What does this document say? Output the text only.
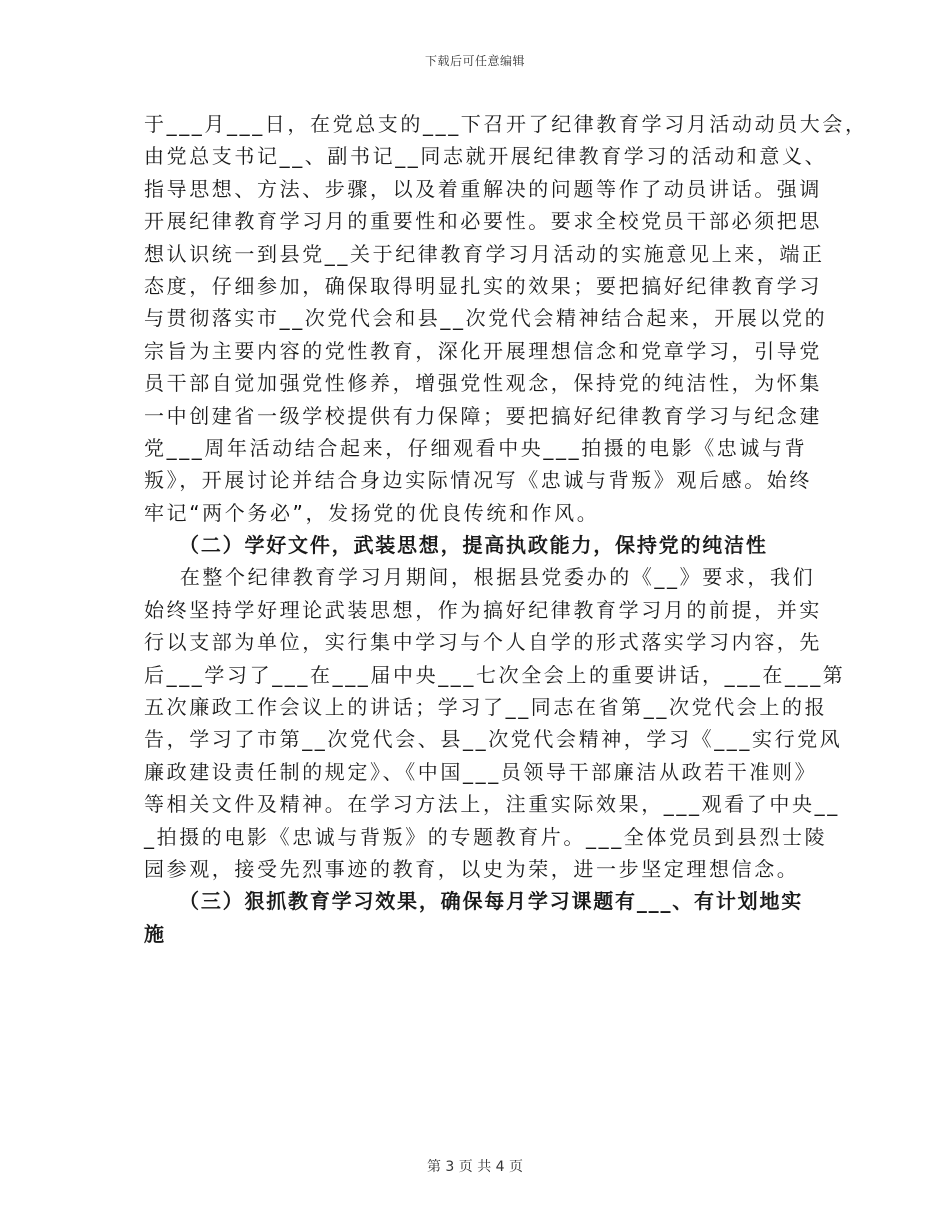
下载后可任意编辑
于___月___日，在党总支的___下召开了纪律教育学习月活动动员大会，
由党总支书记__、副书记__同志就开展纪律教育学习的活动和意义、
指导思想、方法、步骤，以及着重解决的问题等作了动员讲话。强调
开展纪律教育学习月的重要性和必要性。要求全校党员干部必须把思
想认识统一到县党__关于纪律教育学习月活动的实施意见上来，端正
态度，仔细参加，确保取得明显扎实的效果；要把搞好纪律教育学习
与贯彻落实市__次党代会和县__次党代会精神结合起来，开展以党的
宗旨为主要内容的党性教育，深化开展理想信念和党章学习，引导党
员干部自觉加强党性修养，增强党性观念，保持党的纯洁性，为怀集
一中创建省一级学校提供有力保障；要把搞好纪律教育学习与纪念建
党___周年活动结合起来，仔细观看中央___拍摄的电影《忠诚与背
叛》，开展讨论并结合身边实际情况写《忠诚与背叛》观后感。始终
牢记“两个务必”，发扬党的优良传统和作风。
（二）学好文件，武装思想，提高执政能力，保持党的纯洁性
在整个纪律教育学习月期间，根据县党委办的《__》要求，我们
始终坚持学好理论武装思想，作为搞好纪律教育学习月的前提，并实
行以支部为单位，实行集中学习与个人自学的形式落实学习内容，先
后___学习了___在___届中央___七次全会上的重要讲话，___在___第
五次廉政工作会议上的讲话；学习了__同志在省第__次党代会上的报
告，学习了市第__次党代会、县__次党代会精神，学习《___实行党风
廉政建设责任制的规定》、《中国___员领导干部廉洁从政若干准则》
等相关文件及精神。在学习方法上，注重实际效果，___观看了中央__
_拍摄的电影《忠诚与背叛》的专题教育片。___全体党员到县烈士陵
园参观，接受先烈事迹的教育，以史为荣，进一步坚定理想信念。
（三）狠抓教育学习效果，确保每月学习课题有___、有计划地实
施
第 3 页 共 4 页
